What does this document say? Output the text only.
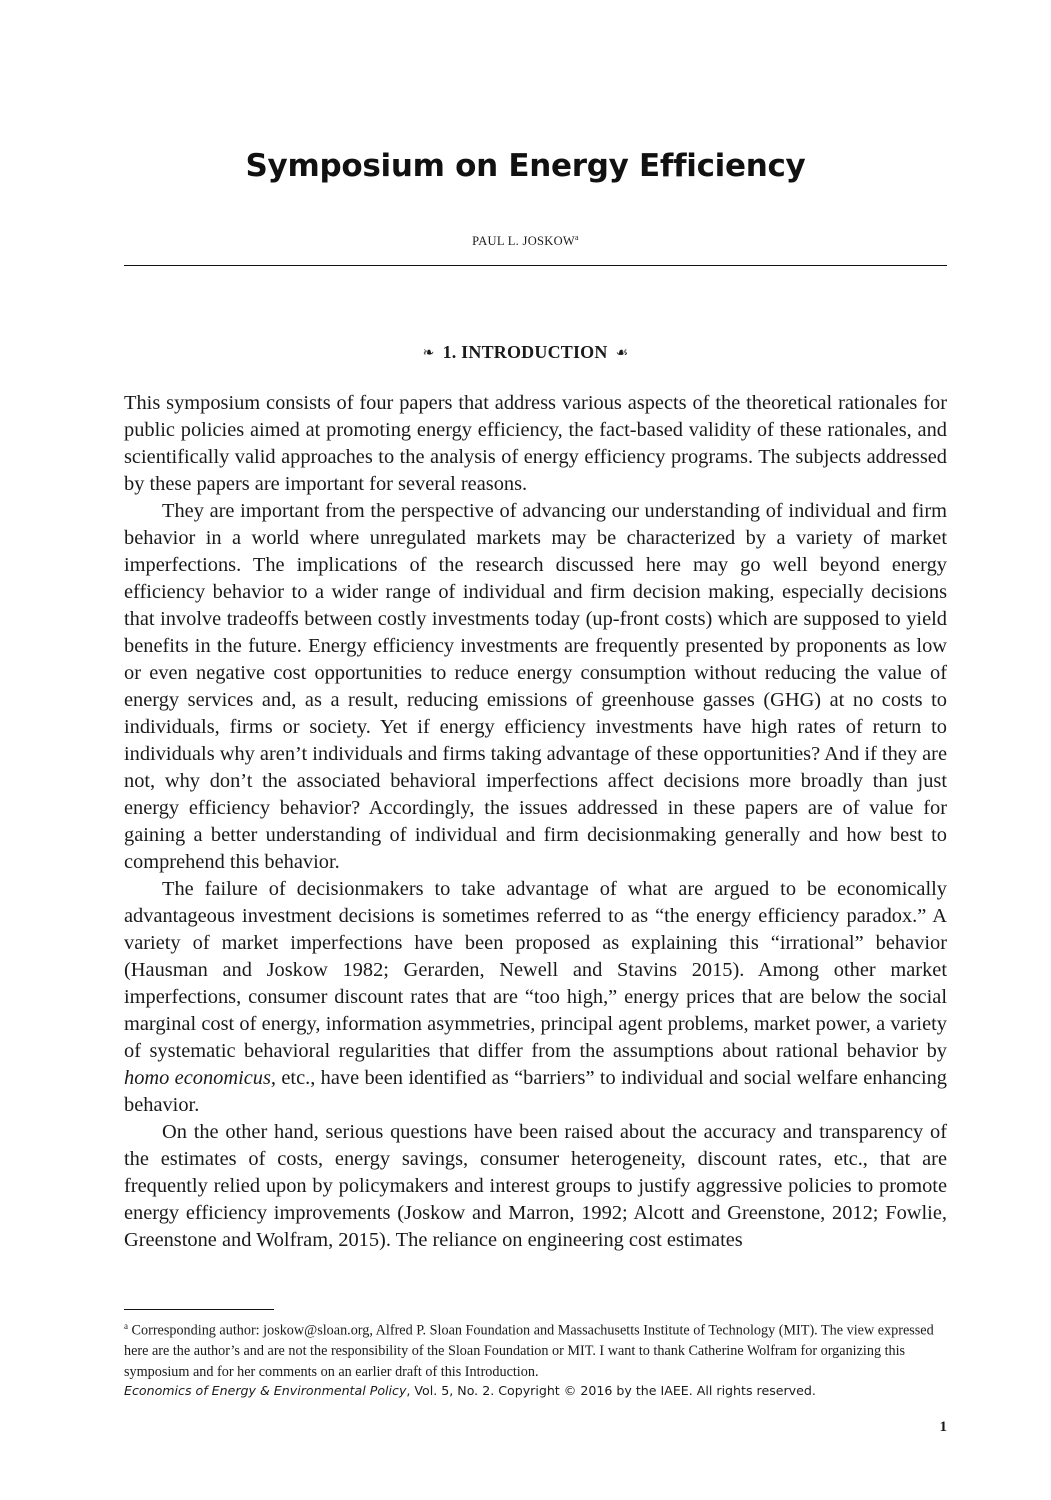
Symposium on Energy Efficiency
PAUL L. JOSKOW$^a$
❧ 1. INTRODUCTION ☙

This symposium consists of four papers that address various aspects of the theoretical rationales for public policies aimed at promoting energy efficiency, the fact-based validity of these rationales, and scientifically valid approaches to the analysis of energy efficiency programs. The subjects addressed by these papers are important for several reasons.

They are important from the perspective of advancing our understanding of individual and firm behavior in a world where unregulated markets may be characterized by a variety of market imperfections. The implications of the research discussed here may go well beyond energy efficiency behavior to a wider range of individual and firm decision making, especially decisions that involve tradeoffs between costly investments today (up-front costs) which are supposed to yield benefits in the future. Energy efficiency investments are frequently presented by proponents as low or even negative cost opportunities to reduce energy consumption without reducing the value of energy services and, as a result, reducing emissions of greenhouse gasses (GHG) at no costs to individuals, firms or society. Yet if energy efficiency investments have high rates of return to individuals why aren’t individuals and firms taking advantage of these opportunities? And if they are not, why don’t the associated behavioral imperfections affect decisions more broadly than just energy efficiency behavior? Accordingly, the issues addressed in these papers are of value for gaining a better understanding of individual and firm decisionmaking generally and how best to comprehend this behavior.

The failure of decisionmakers to take advantage of what are argued to be economically advantageous investment decisions is sometimes referred to as “the energy efficiency paradox.” A variety of market imperfections have been proposed as explaining this “irrational” behavior (Hausman and Joskow 1982; Gerarden, Newell and Stavins 2015). Among other market imperfections, consumer discount rates that are “too high,” energy prices that are below the social marginal cost of energy, information asymmetries, principal agent problems, market power, a variety of systematic behavioral regularities that differ from the assumptions about rational behavior by homo economicus, etc., have been identified as “barriers” to individual and social welfare enhancing behavior.

On the other hand, serious questions have been raised about the accuracy and transparency of the estimates of costs, energy savings, consumer heterogeneity, discount rates, etc., that are frequently relied upon by policymakers and interest groups to justify aggressive policies to promote energy efficiency improvements (Joskow and Marron, 1992; Alcott and Greenstone, 2012; Fowlie, Greenstone and Wolfram, 2015). The reliance on engineering cost estimates

$^a$ Corresponding author: joskow@sloan.org, Alfred P. Sloan Foundation and Massachusetts Institute of Technology (MIT). The view expressed here are the author’s and are not the responsibility of the Sloan Foundation or MIT. I want to thank Catherine Wolfram for organizing this symposium and for her comments on an earlier draft of this Introduction.
Economics of Energy & Environmental Policy, Vol. 5, No. 2. Copyright © 2016 by the IAEE. All rights reserved.
1
